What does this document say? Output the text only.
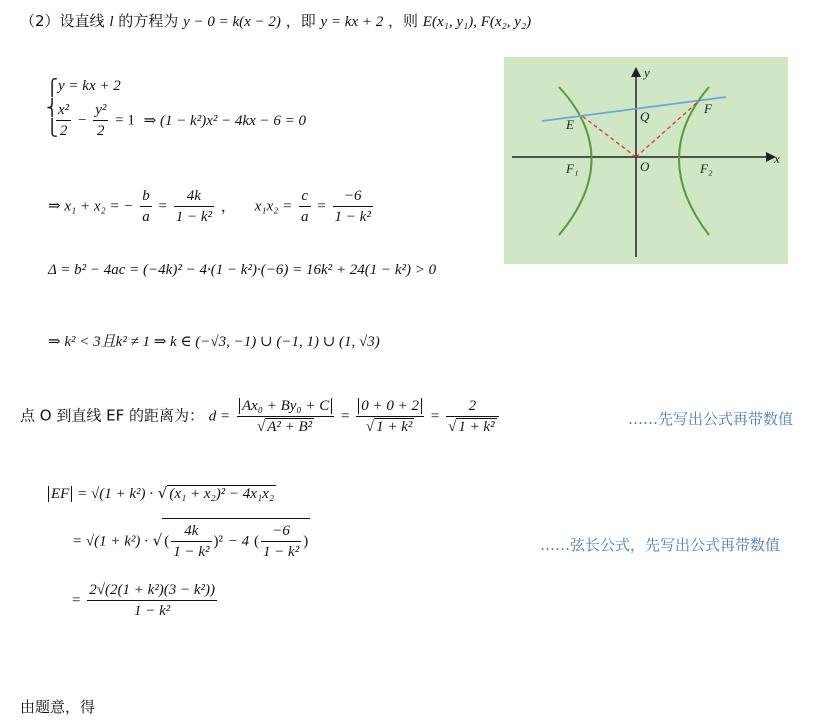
（2）设直线 l 的方程为 y − 0 = k(x − 2) ，即 y = kx + 2 ，则 E(x₁, y₁), F(x₂, y₂)
⎧
⎨
⎩
y = kx + 2
$\frac{\text{x²}}{2} - \frac{\text{y²}}{2} = 1$ ⇒ (1 − k²)x² − 4kx − 6 = 0
⇒ x₁ + x₂ = − $\frac{b}{a} = \frac{4k}{\text{1 − k²}}$ ， $x_1x_2 = \frac{c}{a} = \frac{-6}{\text{1 − k²}}$
Δ = b² − 4ac = (−4k)² − 4·(1 − k²)·(−6) = 16k² + 24(1 − k²) > 0
⇒ k² < 3且k² ≠ 1 ⇒ k ∈ (−√3, −1) ∪ (−1, 1) ∪ (1, √3)
点 O 到直线 EF 的距离为： $d = \frac{\text{Ax₀ + By₀ + C}}{\text{√ A² + B²}} = \frac{0 + 0 + 2}{\text{√ 1 + k²}} = \frac{2}{\text{√ 1 + k²}}$	……先写出公式再带数值
EF = √(1 + k²) · √ (x₁ + x₂)² − 4x₁x₂
= √(1 + k²) · √ ( $\frac{4k}{\text{1 − k²}} )^2 - 4$ ( $\frac{-6}{\text{1 − k²}}$ )	……弦长公式，先写出公式再带数值
= $\frac{\text{2√(2(1 + k²)(3 − k²))}}{\text{1 − k²}}$
由题意，得
y
x
E
F
Q
O
F₁	F₂
